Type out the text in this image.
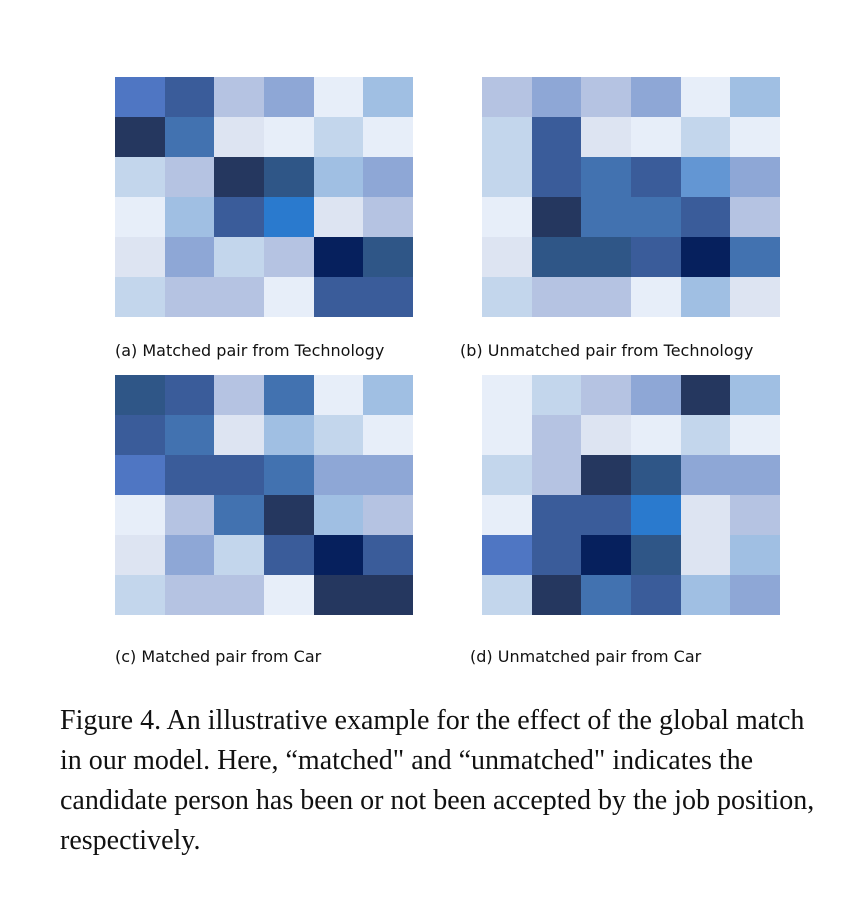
(a) Matched pair from Technology	(b) Unmatched pair from Technology
(c) Matched pair from Car	(d) Unmatched pair from Car
Figure 4. An illustrative example for the effect of the global match in our model. Here, “matched" and “unmatched" indicates the candidate person has been or not been accepted by the job position, respectively.
